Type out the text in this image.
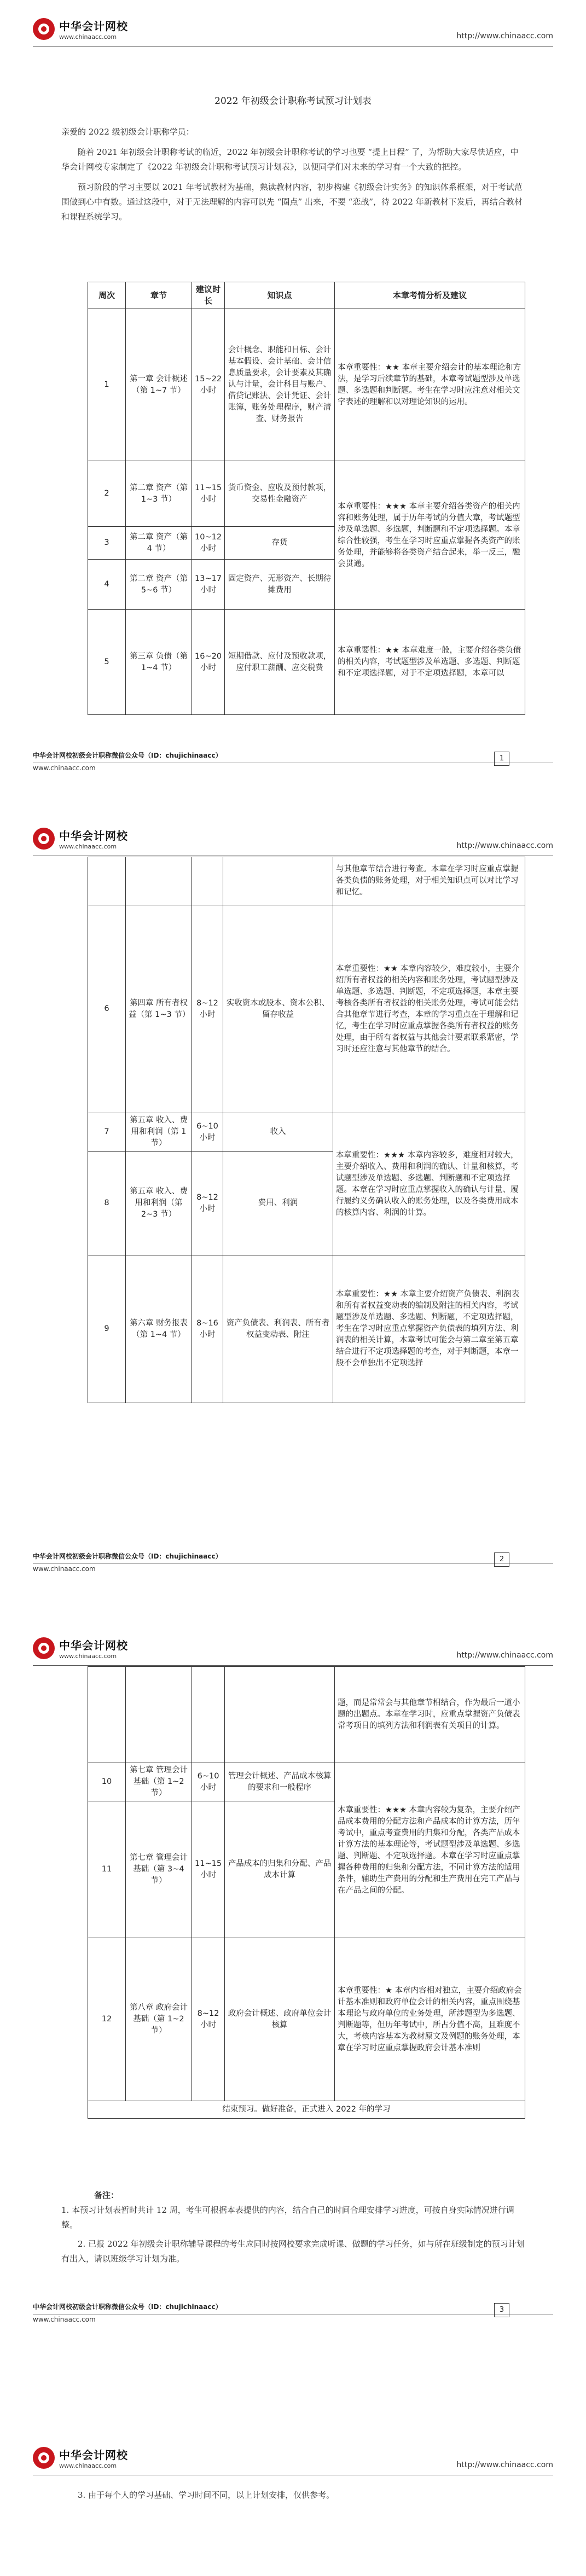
中华会计网校
www.chinaacc.com	http://www.chinaacc.com
2022 年初级会计职称考试预习计划表

亲爱的 2022 级初级会计职称学员：

随着 2021 年初级会计职称考试的临近，2022 年初级会计职称考试的学习也要 “提上日程” 了，为帮助大家尽快适应，中华会计网校专家制定了《2022 年初级会计职称考试预习计划表》，以便同学们对未来的学习有一个大致的把控。

预习阶段的学习主要以 2021 年考试教材为基础，熟读教材内容，初步构建《初级会计实务》的知识体系框架，对于考试范围做到心中有数。通过这段中，对于无法理解的内容可以先 “圈点” 出来，不要 “恋战”，待 2022 年新教材下发后，再结合教材和课程系统学习。

周次	章节	建议时长	知识点	本章考情分析及建议
1	第一章 会计概述（第 1~7 节）	15~22 小时	会计概念、职能和目标、会计基本假设、会计基础、会计信息质量要求，会计要素及其确认与计量，会计科目与账户、借贷记账法、会计凭证、会计账簿，账务处理程序，财产清查、财务报告	本章重要性：★★ 本章主要介绍会计的基本理论和方法，是学习后续章节的基础，本章考试题型涉及单选题、多选题和判断题。考生在学习时应注意对相关文字表述的理解和以对理论知识的运用。
2	第二章 资产（第 1~3 节）	11~15 小时	货币资金、应收及预付款项，交易性金融资产	本章重要性：★★★ 本章主要介绍各类资产的相关内容和账务处理，属于历年考试的分值大章，考试题型涉及单选题、多选题，判断题和不定项选择题。本章综合性较强，考生在学习时应重点掌握各类资产的账务处理，并能够将各类资产结合起来，举一反三，融会贯通。
3	第二章 资产（第 4 节）	10~12 小时	存货	
4	第二章 资产（第 5~6 节）	13~17 小时	固定资产、无形资产、长期待摊费用	
5	第三章 负债（第 1~4 节）	16~20 小时	短期借款、应付及预收款项，应付职工薪酬、应交税费	本章重要性：★★ 本章难度一般，主要介绍各类负债的相关内容，考试题型涉及单选题、多选题、判断题和不定项选择题，对于不定项选择题，本章可以
中华会计网校初级会计职称微信公众号（ID：chujichinaacc）
www.chinaacc.com
1
中华会计网校
www.chinaacc.com	http://www.chinaacc.com
				与其他章节结合进行考查。本章在学习时应重点掌握各类负债的账务处理，对于相关知识点可以对比学习和记忆。
6	第四章 所有者权益（第 1~3 节）	8~12 小时	实收资本或股本、资本公积、留存收益	本章重要性：★★ 本章内容较少，难度较小，主要介绍所有者权益的相关内容和账务处理，考试题型涉及单选题、多选题、判断题，不定项选择题，本章主要考核各类所有者权益的相关账务处理，考试可能会结合其他章节进行考查，本章的学习重点在于理解和记忆，考生在学习时应重点掌握各类所有者权益的账务处理，由于所有者权益与其他会计要素联系紧密，学习时还应注意与其他章节的结合。
7	第五章 收入、费用和利润（第 1 节）	6~10 小时	收入	本章重要性：★★★ 本章内容较多，难度相对较大，主要介绍收入、费用和利润的确认、计量和核算，考试题型涉及单选题、多选题、判断题和不定项选择题。本章在学习时应重点掌握收入的确认与计量、履行履约义务确认收入的账务处理，以及各类费用成本的核算内容、利润的计算。
8	第五章 收入、费用和利润（第 2~3 节）	8~12 小时	费用、利润	
9	第六章 财务报表（第 1~4 节）	8~16 小时	资产负债表、利润表、所有者权益变动表、附注	本章重要性：★★ 本章主要介绍资产负债表、利润表和所有者权益变动表的编制及附注的相关内容，考试题型涉及单选题、多选题、判断题，不定项选择题，考生在学习时应重点掌握资产负债表的填列方法、利润表的相关计算，本章考试可能会与第二章至第五章结合进行不定项选择题的考查，对于判断题，本章一般不会单独出不定项选择
中华会计网校初级会计职称微信公众号（ID：chujichinaacc）
www.chinaacc.com
2
中华会计网校
www.chinaacc.com	http://www.chinaacc.com
				题，而是常常会与其他章节相结合，作为最后一道小题的出题点。本章在学习时，应重点掌握资产负债表常考项目的填列方法和利润表有关项目的计算。
10	第七章 管理会计基础（第 1~2 节）	6~10 小时	管理会计概述、产品成本核算的要求和一般程序	本章重要性：★★★ 本章内容较为复杂，主要介绍产品成本费用的分配方法和产品成本的计算方法，历年考试中，重点考查费用的归集和分配，各类产品成本计算方法的基本理论等，考试题型涉及单选题、多选题、判断题、不定项选择题。本章在学习时应重点掌握各种费用的归集和分配方法，不同计算方法的适用条件，辅助生产费用的分配和生产费用在完工产品与在产品之间的分配。
11	第七章 管理会计基础（第 3~4 节）	11~15 小时	产品成本的归集和分配、产品成本计算	
12	第八章 政府会计基础（第 1~2 节）	8~12 小时	政府会计概述、政府单位会计核算	本章重要性：★ 本章内容相对独立，主要介绍政府会计基本准则和政府单位会计的相关内容，重点围绕基本理论与政府单位的业务处理，所涉题型为多选题、判断题等，但历年考试中，所占分值不高，且难度不大，考核内容基本为教材原文及例题的账务处理，本章在学习时应重点掌握政府会计基本准则
结束预习。做好准备，正式进入 2022 年的学习				
备注：

1. 本预习计划表暂时共计 12 周，考生可根据本表提供的内容，结合自己的时间合理安排学习进度，可按自身实际情况进行调整。

2. 已报 2022 年初级会计职称辅导课程的考生应同时按网校要求完成听课、做题的学习任务，如与所在班级制定的预习计划有出入，请以班级学习计划为准。

中华会计网校初级会计职称微信公众号（ID：chujichinaacc）
www.chinaacc.com
3
中华会计网校
www.chinaacc.com	http://www.chinaacc.com

3. 由于每个人的学习基础、学习时间不同，以上计划安排，仅供参考。
